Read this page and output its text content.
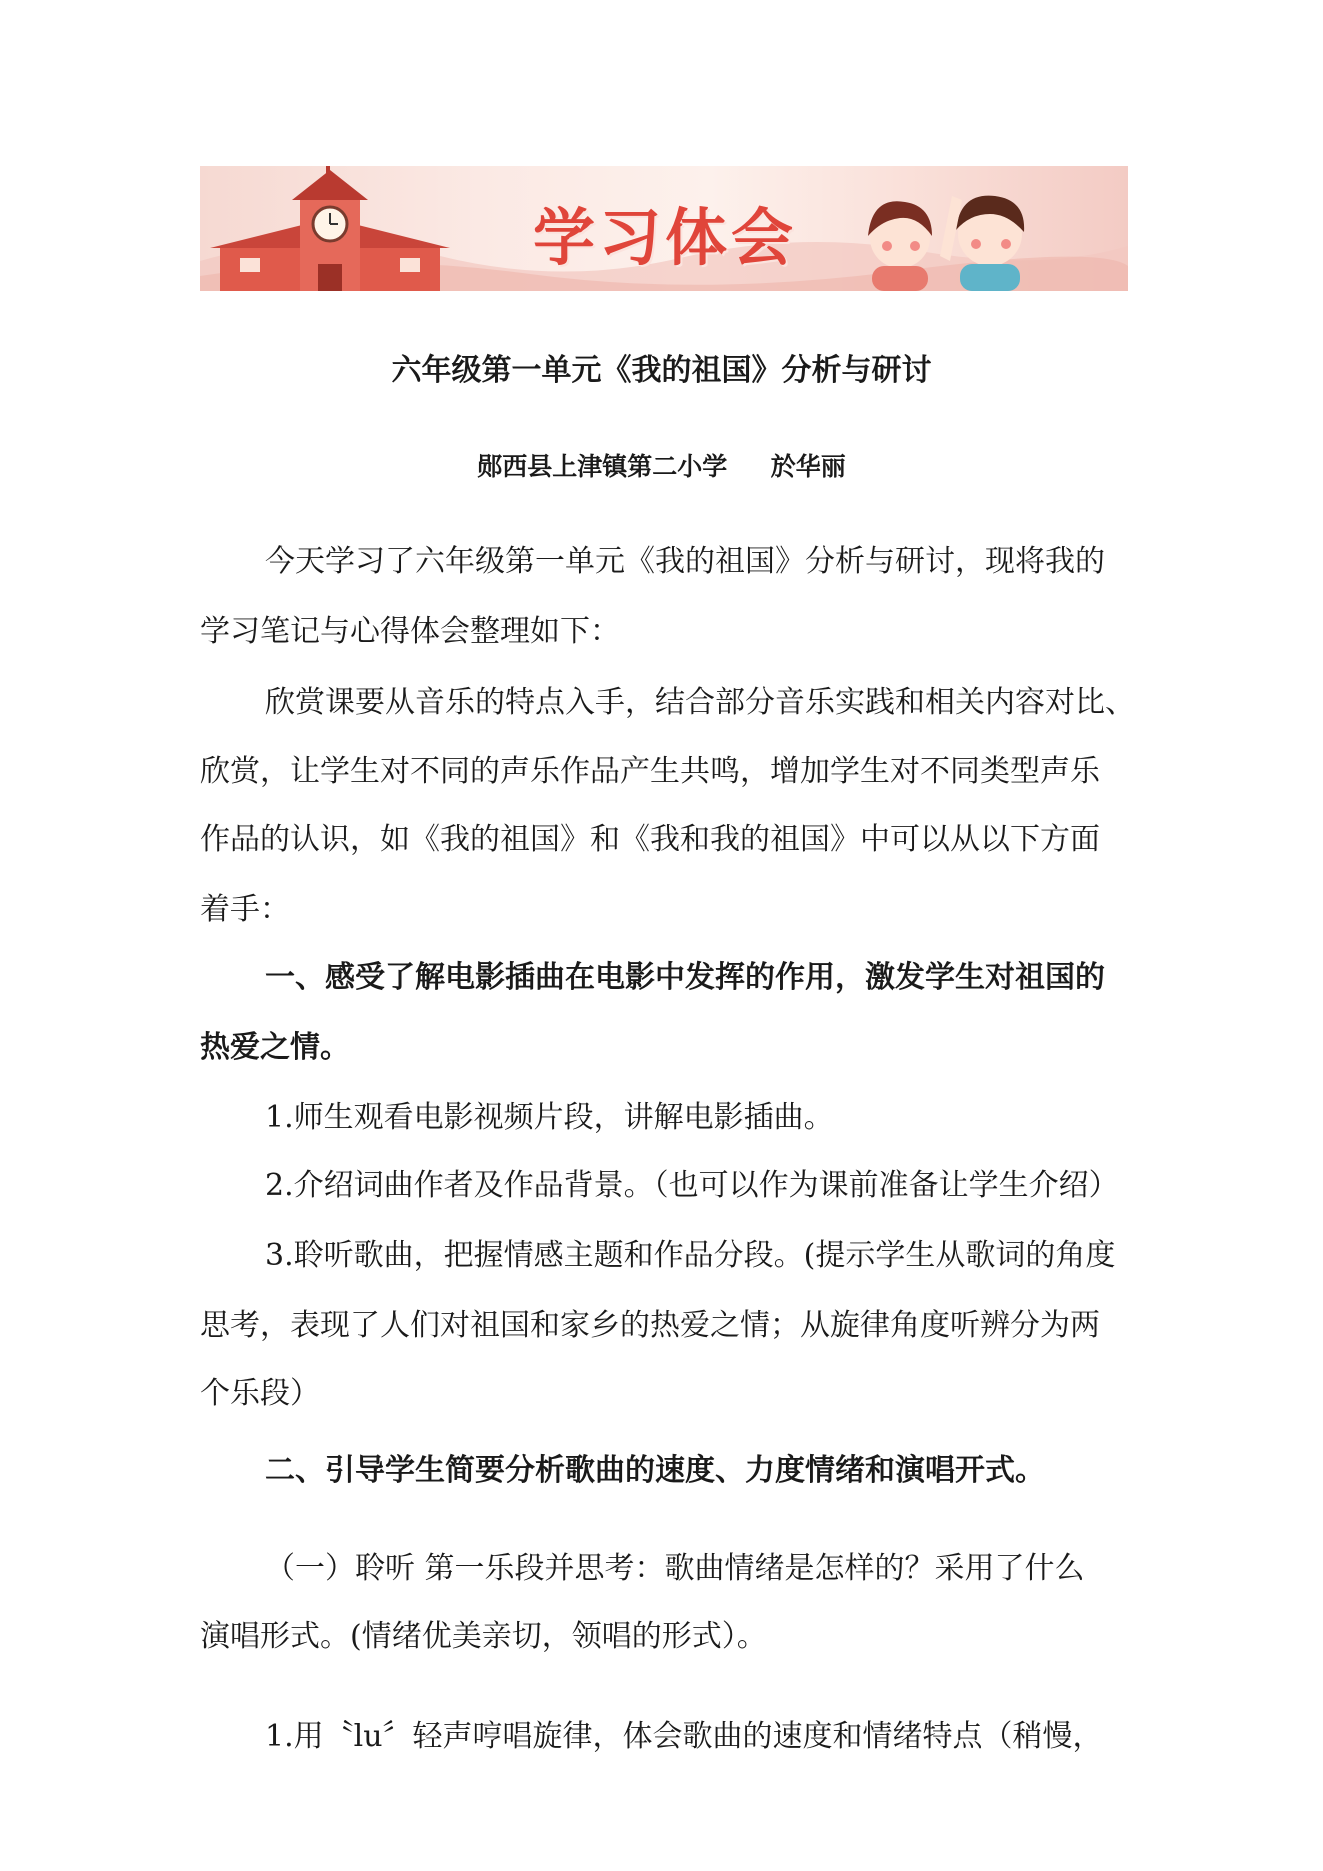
学习体会
六年级第一单元《我的祖国》分析与研讨
郧西县上津镇第二小学     於华丽
今天学习了六年级第一单元《我的祖国》分析与研讨，现将我的
学习笔记与心得体会整理如下：
欣赏课要从音乐的特点入手，结合部分音乐实践和相关内容对比、
欣赏，让学生对不同的声乐作品产生共鸣，增加学生对不同类型声乐
作品的认识，如《我的祖国》和《我和我的祖国》中可以从以下方面
着手：
一、感受了解电影插曲在电影中发挥的作用，激发学生对祖国的
热爱之情。
1.师生观看电影视频片段，讲解电影插曲。
2.介绍词曲作者及作品背景。（也可以作为课前准备让学生介绍）
3.聆听歌曲，把握情感主题和作品分段。(提示学生从歌词的角度
思考，表现了人们对祖国和家乡的热爱之情；从旋律角度听辨分为两
个乐段）
二、引导学生简要分析歌曲的速度、力度情绪和演唱开式。
（一）聆听 第一乐段并思考：歌曲情绪是怎样的？采用了什么
演唱形式。(情绪优美亲切，领唱的形式）。
1.用〝lu〞轻声哼唱旋律，体会歌曲的速度和情绪特点（稍慢，
